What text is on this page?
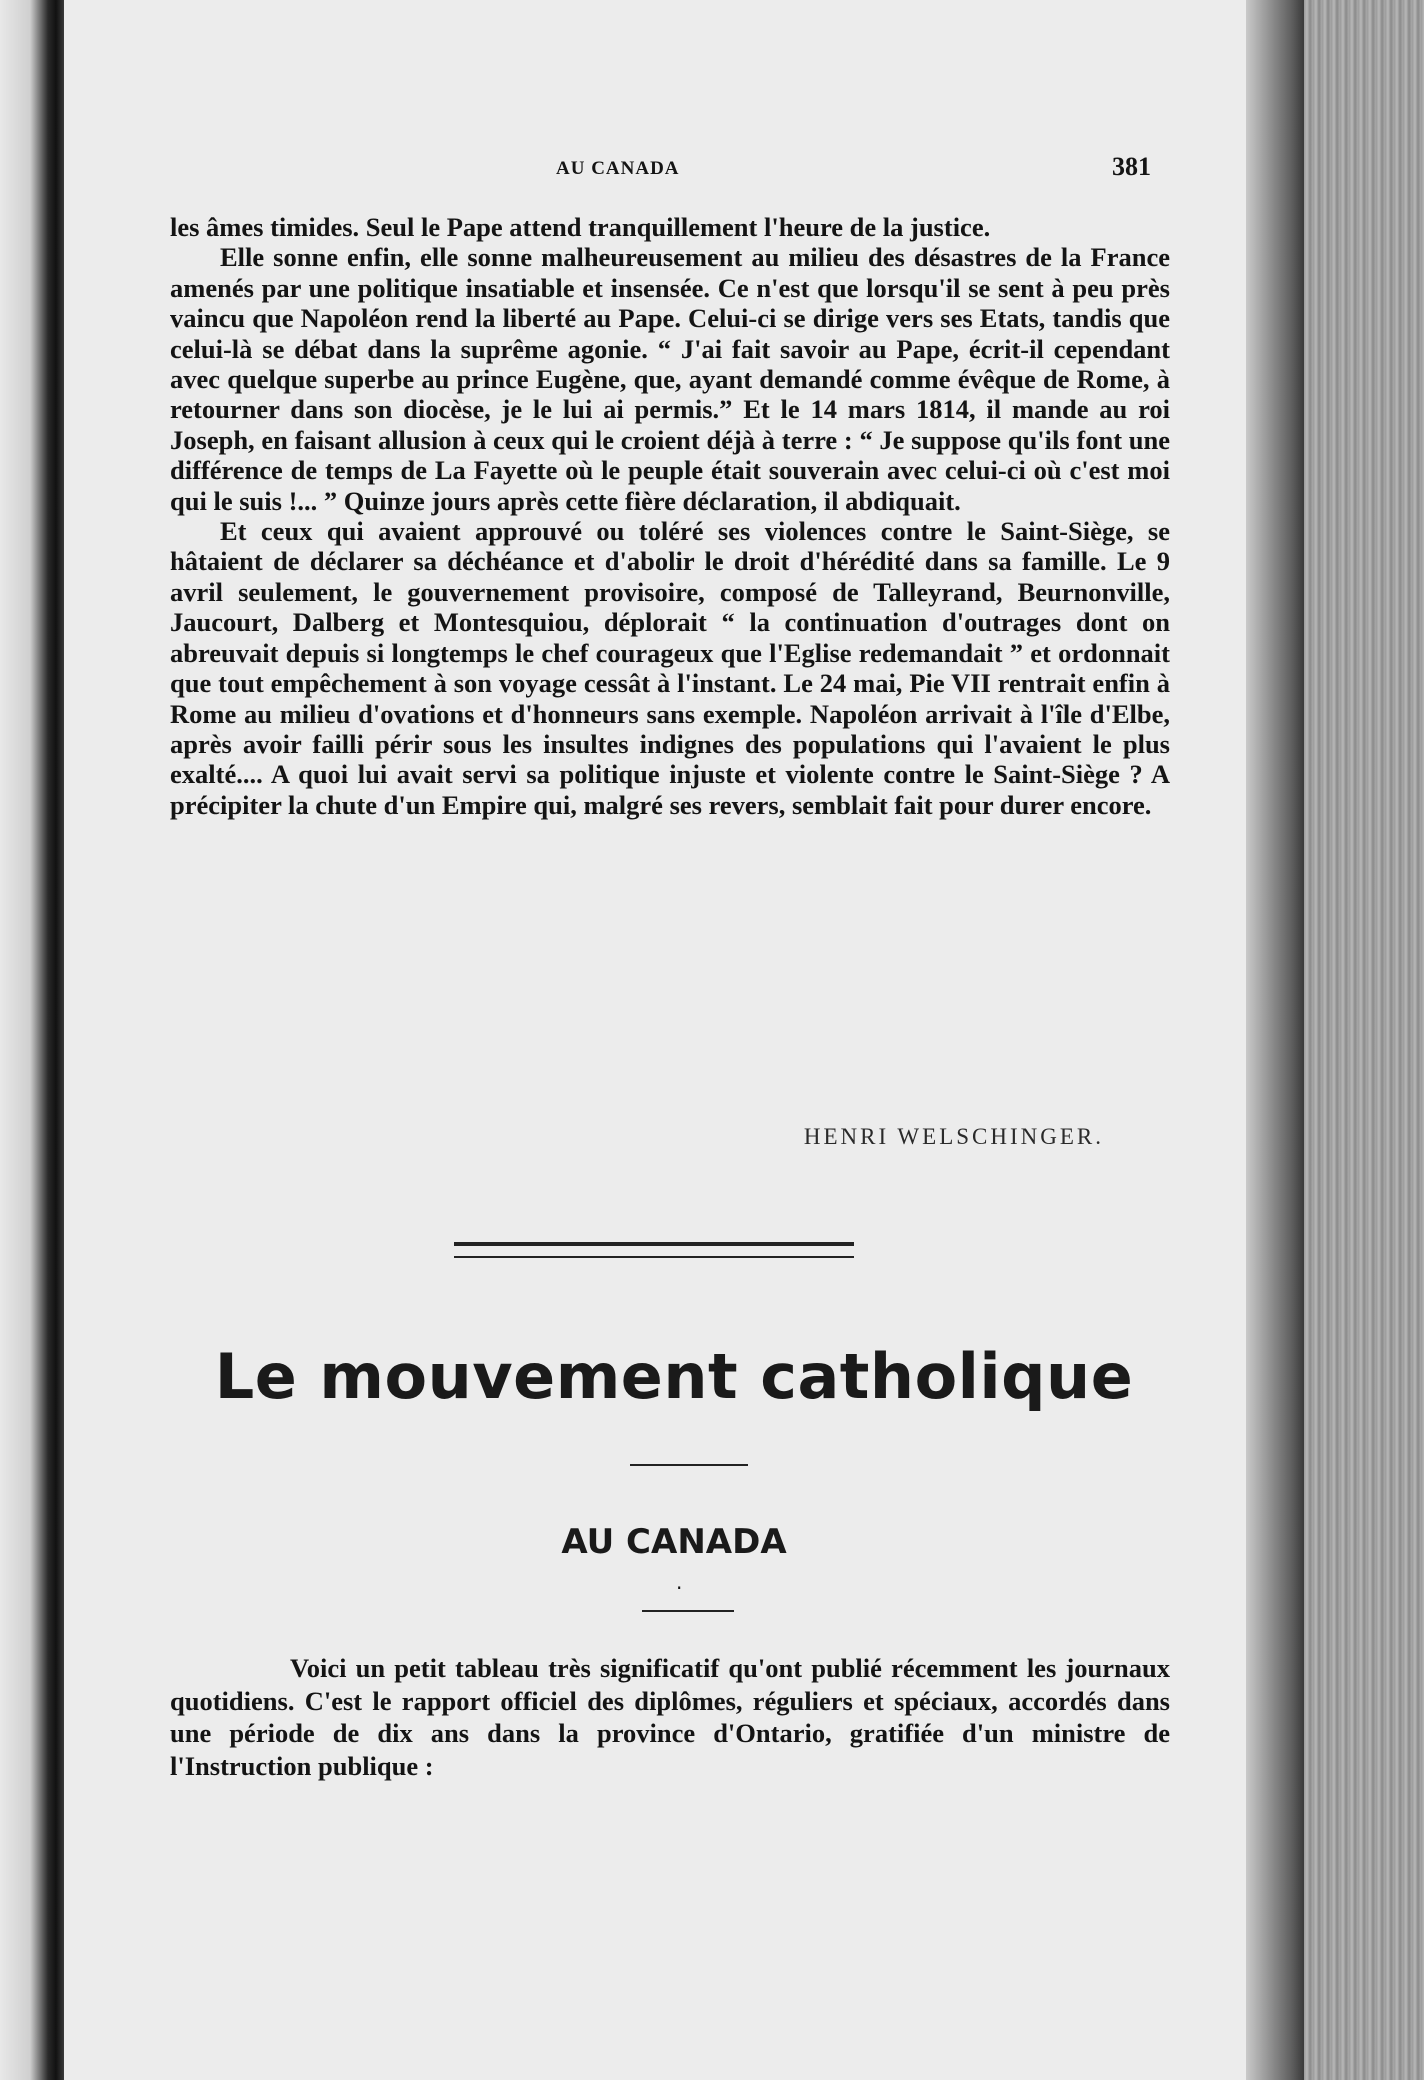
AU CANADA	381

les âmes timides. Seul le Pape attend tranquillement l'heure de la justice.

Elle sonne enfin, elle sonne malheureusement au milieu des désastres de la France amenés par une politique insatiable et insensée. Ce n'est que lorsqu'il se sent à peu près vaincu que Napoléon rend la liberté au Pape. Celui-ci se dirige vers ses Etats, tandis que celui-là se débat dans la suprême agonie. “ J'ai fait savoir au Pape, écrit-il cependant avec quelque superbe au prince Eugène, que, ayant demandé comme évêque de Rome, à retourner dans son diocèse, je le lui ai permis.” Et le 14 mars 1814, il mande au roi Joseph, en faisant allusion à ceux qui le croient déjà à terre : “ Je suppose qu'ils font une différence de temps de La Fayette où le peuple était souverain avec celui-ci où c'est moi qui le suis !... ” Quinze jours après cette fière déclaration, il abdiquait.

Et ceux qui avaient approuvé ou toléré ses violences contre le Saint-Siège, se hâtaient de déclarer sa déchéance et d'abolir le droit d'hérédité dans sa famille. Le 9 avril seulement, le gouvernement provisoire, composé de Talleyrand, Beurnonville, Jaucourt, Dalberg et Montesquiou, déplorait “ la continuation d'outrages dont on abreuvait depuis si longtemps le chef courageux que l'Eglise redemandait ” et ordonnait que tout empêchement à son voyage cessât à l'instant. Le 24 mai, Pie VII rentrait enfin à Rome au milieu d'ovations et d'honneurs sans exemple. Napoléon arrivait à l'île d'Elbe, après avoir failli périr sous les insultes indignes des populations qui l'avaient le plus exalté.... A quoi lui avait servi sa politique injuste et violente contre le Saint-Siège ? A précipiter la chute d'un Empire qui, malgré ses revers, semblait fait pour durer encore.

HENRI WELSCHINGER.
Le mouvement catholique
AU CANADA
·

Voici un petit tableau très significatif qu'ont publié récemment les journaux quotidiens. C'est le rapport officiel des diplômes, réguliers et spéciaux, accordés dans une période de dix ans dans la province d'Ontario, gratifiée d'un ministre de l'Instruction publique :
